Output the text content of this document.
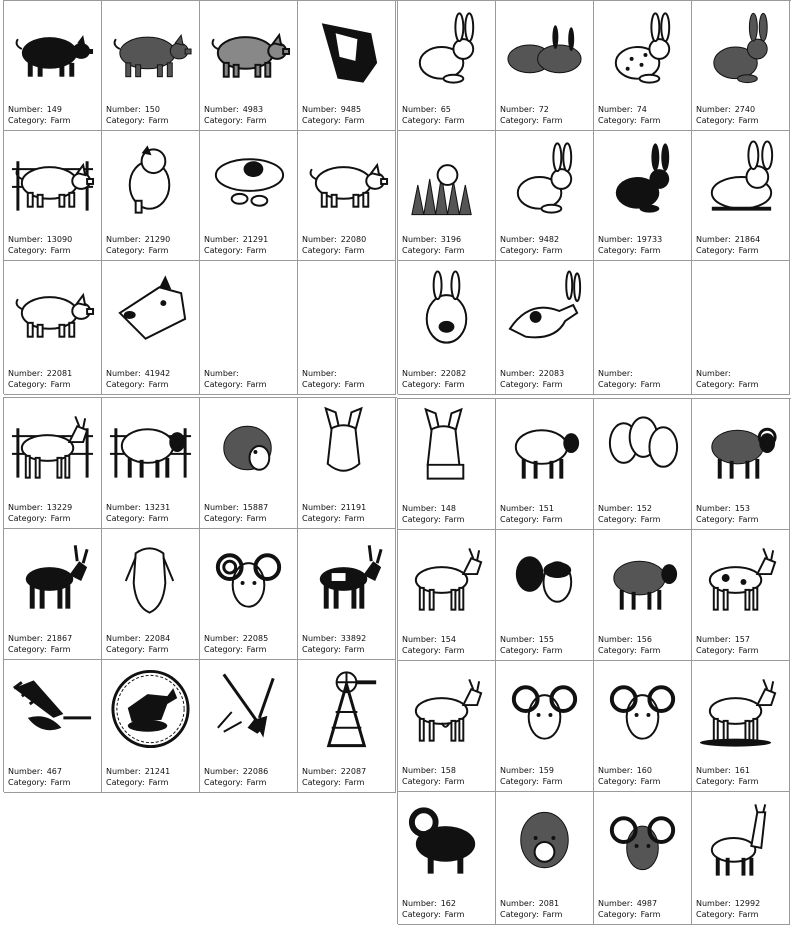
Number: 149
Category: Farm
Number: 150
Category: Farm
Number: 4983
Category: Farm
Number: 9485
Category: Farm
Number: 13090
Category: Farm
Number: 21290
Category: Farm
Number: 21291
Category: Farm
Number: 22080
Category: Farm
Number: 22081
Category: Farm
Number: 41942
Category: Farm
Number:
Category: Farm
Number:
Category: Farm
Number: 65
Category: Farm
Number: 72
Category: Farm
Number: 74
Category: Farm
Number: 2740
Category: Farm
Number: 3196
Category: Farm
Number: 9482
Category: Farm
Number: 19733
Category: Farm
Number: 21864
Category: Farm
Number: 22082
Category: Farm
Number: 22083
Category: Farm
Number:
Category: Farm
Number:
Category: Farm
Number: 13229
Category: Farm
Number: 13231
Category: Farm
Number: 15887
Category: Farm
Number: 21191
Category: Farm
Number: 21867
Category: Farm
Number: 22084
Category: Farm
Number: 22085
Category: Farm
Number: 33892
Category: Farm
Number: 467
Category: Farm
Number: 21241
Category: Farm
Number: 22086
Category: Farm
Number: 22087
Category: Farm
Number: 148
Category: Farm
Number: 151
Category: Farm
Number: 152
Category: Farm
Number: 153
Category: Farm
Number: 154
Category: Farm
Number: 155
Category: Farm
Number: 156
Category: Farm
Number: 157
Category: Farm
Number: 158
Category: Farm
Number: 159
Category: Farm
Number: 160
Category: Farm
Number: 161
Category: Farm
Number: 162
Category: Farm
Number: 2081
Category: Farm
Number: 4987
Category: Farm
Number: 12992
Category: Farm
